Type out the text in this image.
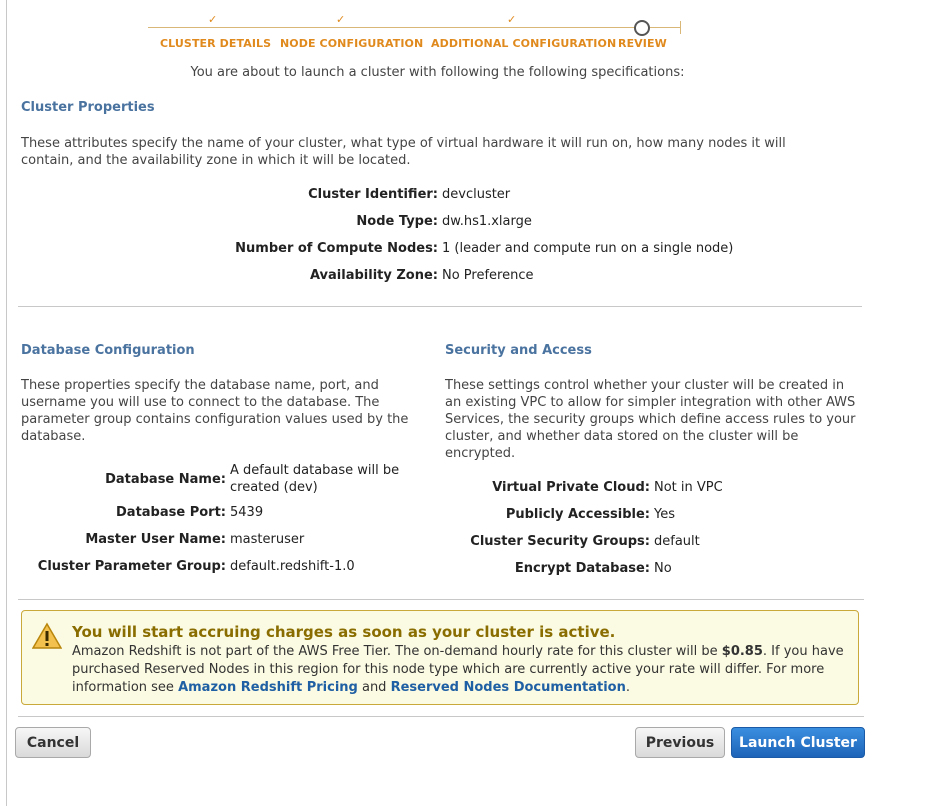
✓	✓	✓
CLUSTER DETAILS NODE CONFIGURATION ADDITIONAL CONFIGURATION REVIEW
You are about to launch a cluster with following the following specifications:
Cluster Properties
These attributes specify the name of your cluster, what type of virtual hardware it will run on, how many nodes it will contain, and the availability zone in which it will be located.
Cluster Identifier: devcluster
Node Type: dw.hs1.xlarge
Number of Compute Nodes: 1 (leader and compute run on a single node)
Availability Zone: No Preference
Database Configuration
These properties specify the database name, port, and username you will use to connect to the database. The parameter group contains configuration values used by the database.
Database Name:
A default database will be created (dev)
Database Port: 5439
Master User Name: masteruser
Cluster Parameter Group: default.redshift-1.0
Security and Access
These settings control whether your cluster will be created in an existing VPC to allow for simpler integration with other AWS Services, the security groups which define access rules to your cluster, and whether data stored on the cluster will be encrypted.
Virtual Private Cloud: Not in VPC
Publicly Accessible: Yes
Cluster Security Groups: default
Encrypt Database: No
You will start accruing charges as soon as your cluster is active.
Amazon Redshift is not part of the AWS Free Tier. The on-demand hourly rate for this cluster will be $0.85. If you have purchased Reserved Nodes in this region for this node type which are currently active your rate will differ. For more information see Amazon Redshift Pricing and Reserved Nodes Documentation.
Cancel	Previous	Launch Cluster
